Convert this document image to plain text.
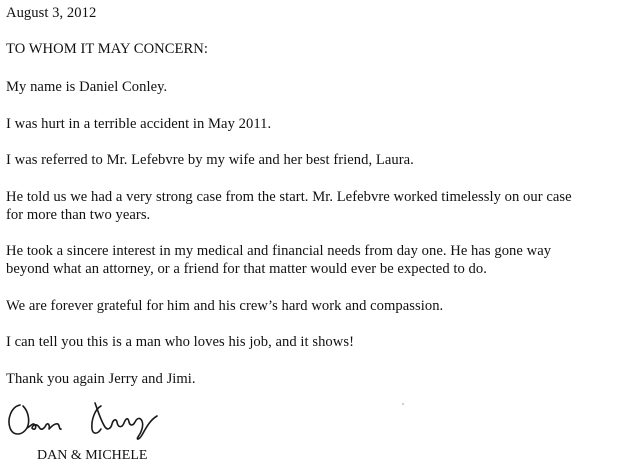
August 3, 2012
TO WHOM IT MAY CONCERN:
My name is Daniel Conley.
I was hurt in a terrible accident in May 2011.
I was referred to Mr. Lefebvre by my wife and her best friend, Laura.
He told us we had a very strong case from the start. Mr. Lefebvre worked timelessly on our case
for more than two years.
He took a sincere interest in my medical and financial needs from day one. He has gone way
beyond what an attorney, or a friend for that matter would ever be expected to do.
We are forever grateful for him and his crew’s hard work and compassion.
I can tell you this is a man who loves his job, and it shows!
Thank you again Jerry and Jimi.
DAN & MICHELE
